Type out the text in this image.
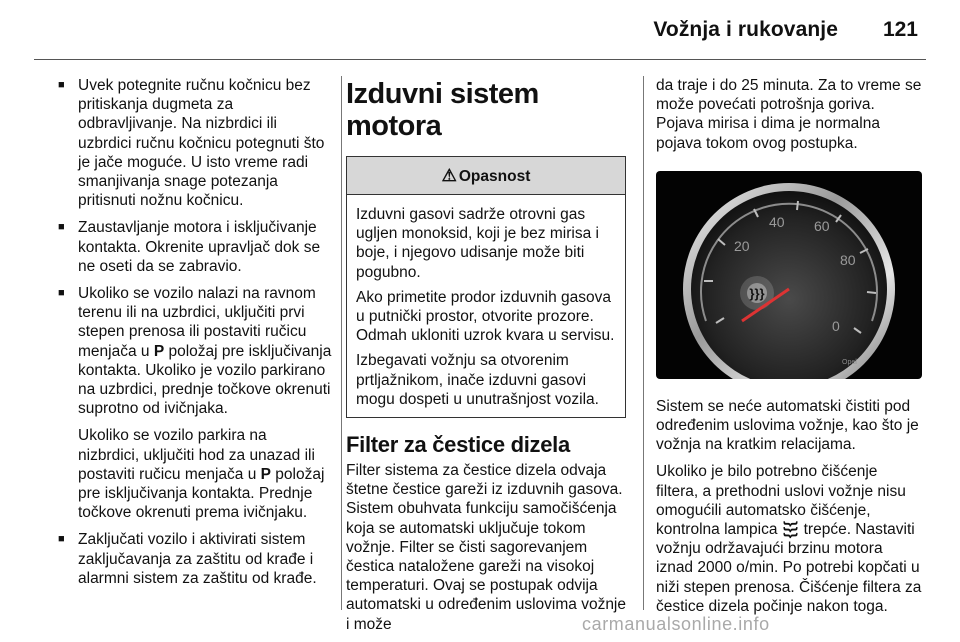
Vožnja i rukovanje 121
■ Uvek potegnite ručnu kočnicu bez pritiskanja dugmeta za odbravljivanje. Na nizbrdici ili uzbrdici ručnu kočnicu potegnuti što je jače moguće. U isto vreme radi smanjivanja snage potezanja pritisnuti nožnu kočnicu.
■ Zaustavljanje motora i isključivanje kontakta. Okrenite upravljač dok se ne oseti da se zabravio.
■ Ukoliko se vozilo nalazi na ravnom terenu ili na uzbrdici, uključiti prvi stepen prenosa ili postaviti ručicu menjača u P položaj pre isključivanja kontakta. Ukoliko je vozilo parkirano na uzbrdici, prednje točkove okrenuti suprotno od ivičnjaka.
Ukoliko se vozilo parkira na nizbrdici, uključiti hod za unazad ili postaviti ručicu menjača u P položaj pre isključivanja kontakta. Prednje točkove okrenuti prema ivičnjaku.
■ Zaključati vozilo i aktivirati sistem zaključavanja za zaštitu od krađe i alarmni sistem za zaštitu od krađe.
Izduvni sistem motora
⚠ Opasnost

Izduvni gasovi sadrže otrovni gas ugljen monoksid, koji je bez mirisa i boje, i njegovo udisanje može biti pogubno.

Ako primetite prodor izduvnih gasova u putnički prostor, otvorite prozore. Odmah ukloniti uzrok kvara u servisu.

Izbegavati vožnju sa otvorenim prtljažnikom, inače izduvni gasovi mogu dospeti u unutrašnjost vozila.

Filter za čestice dizela
Filter sistema za čestice dizela odvaja štetne čestice gareži iz izduvnih gasova. Sistem obuhvata funkciju samočišćenja koja se automatski uključuje tokom vožnje. Filter se čisti sagorevanjem čestica nataložene gareži na visokoj temperaturi. Ovaj se postupak odvija automatski u određenim uslovima vožnje i može

da traje i do 25 minuta. Za to vreme se može povećati potrošnja goriva. Pojava mirisa i dima je normalna pojava tokom ovog postupka.

20
40 60
80
0
}}}
Opel

Sistem se neće automatski čistiti pod određenim uslovima vožnje, kao što je vožnja na kratkim relacijama.

Ukoliko je bilo potrebno čišćenje filtera, a prethodni uslovi vožnje nisu omogućili automatsko čišćenje, kontrolna lampica }}} trepće. Nastaviti vožnju održavajući brzinu motora iznad 2000 o/min. Po potrebi kopčati u niži stepen prenosa. Čišćenje filtera za čestice dizela počinje nakon toga.

carmanualsonline.info
